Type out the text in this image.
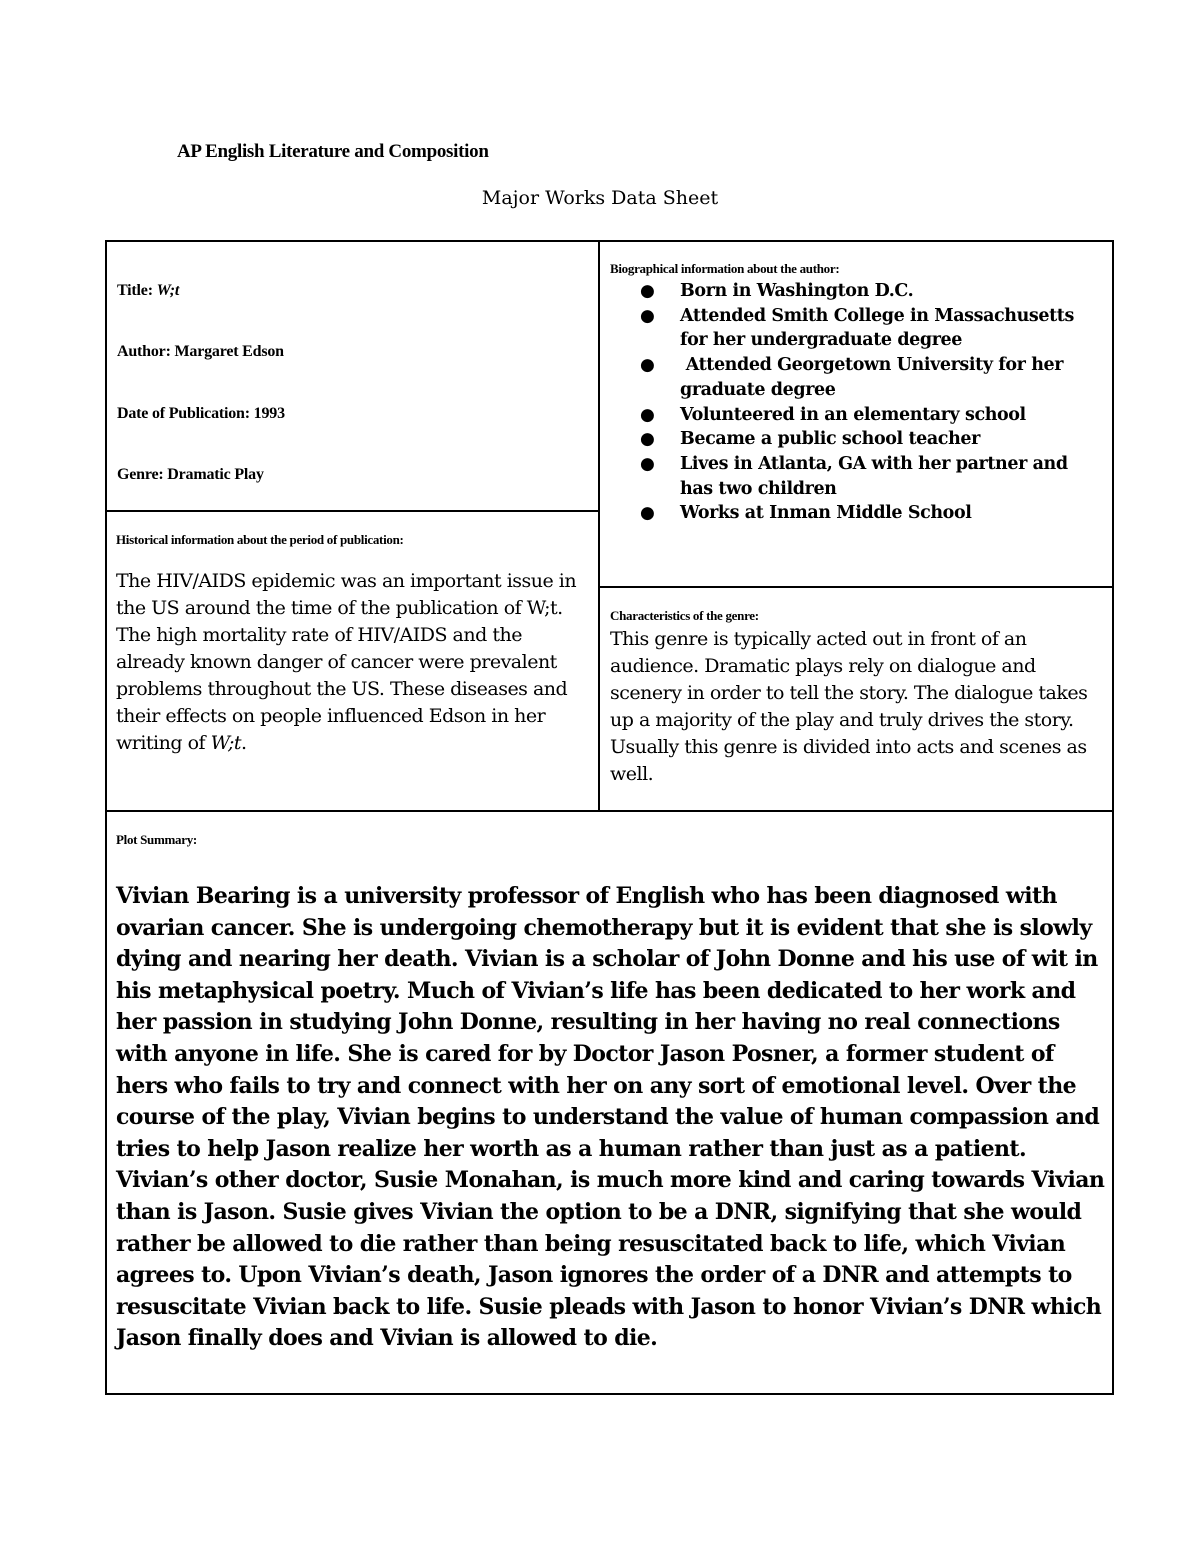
AP English Literature and Composition
Major Works Data Sheet
Title: W;t
Author: Margaret Edson
Date of Publication: 1993
Genre: Dramatic Play
Biographical information about the author:
● Born in Washington D.C.
● Attended Smith College in Massachusetts for her undergraduate degree
● Attended Georgetown University for her graduate degree
● Volunteered in an elementary school
● Became a public school teacher
● Lives in Atlanta, GA with her partner and has two children
● Works at Inman Middle School
Historical information about the period of publication:
The HIV/AIDS epidemic was an important issue in the US around the time of the publication of W;t. The high mortality rate of HIV/AIDS and the already known danger of cancer were prevalent problems throughout the US. These diseases and their effects on people influenced Edson in her writing of W;t.
Characteristics of the genre:
This genre is typically acted out in front of an audience. Dramatic plays rely on dialogue and scenery in order to tell the story. The dialogue takes up a majority of the play and truly drives the story. Usually this genre is divided into acts and scenes as well.
Plot Summary:
Vivian Bearing is a university professor of English who has been diagnosed with ovarian cancer. She is undergoing chemotherapy but it is evident that she is slowly dying and nearing her death. Vivian is a scholar of John Donne and his use of wit in his metaphysical poetry. Much of Vivian’s life has been dedicated to her work and her passion in studying John Donne, resulting in her having no real connections with anyone in life. She is cared for by Doctor Jason Posner, a former student of hers who fails to try and connect with her on any sort of emotional level. Over the course of the play, Vivian begins to understand the value of human compassion and tries to help Jason realize her worth as a human rather than just as a patient. Vivian’s other doctor, Susie Monahan, is much more kind and caring towards Vivian than is Jason. Susie gives Vivian the option to be a DNR, signifying that she would rather be allowed to die rather than being resuscitated back to life, which Vivian agrees to. Upon Vivian’s death, Jason ignores the order of a DNR and attempts to resuscitate Vivian back to life. Susie pleads with Jason to honor Vivian’s DNR which Jason finally does and Vivian is allowed to die.
